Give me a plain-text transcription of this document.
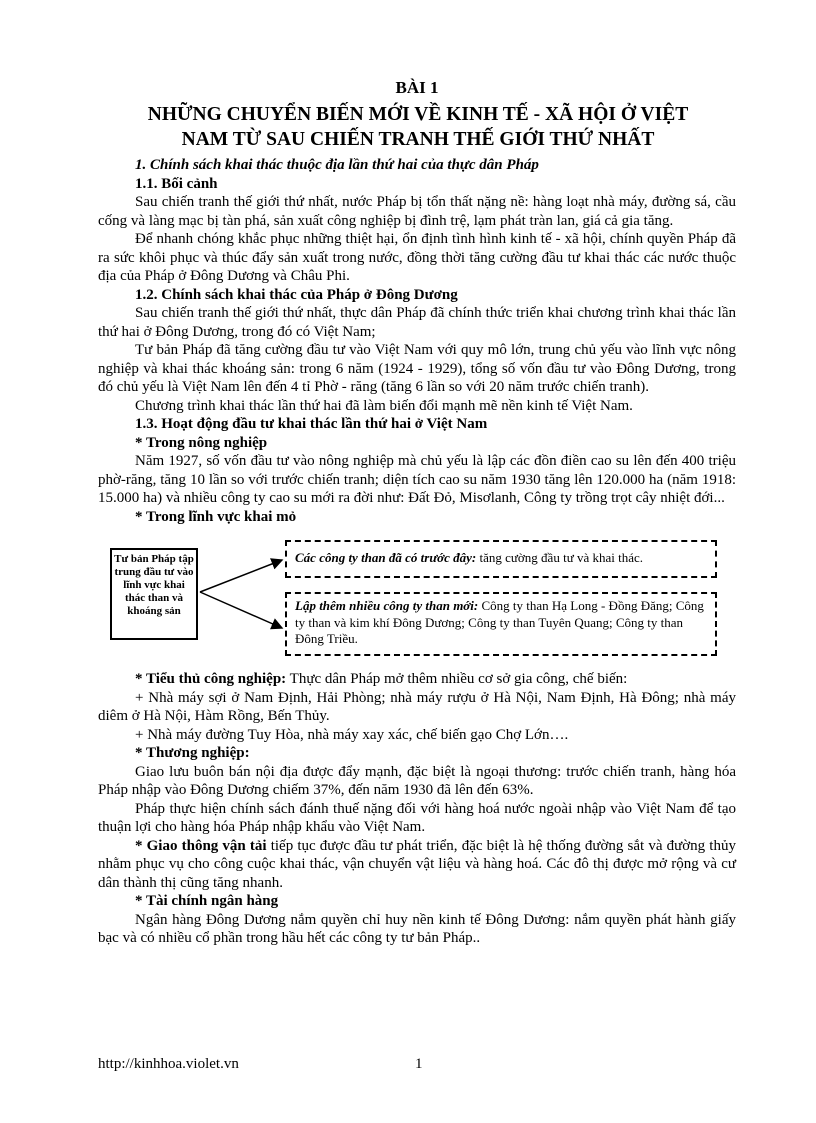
BÀI 1
NHỮNG CHUYỂN BIẾN MỚI VỀ KINH TẾ - XÃ HỘI Ở VIỆT
NAM TỪ SAU CHIẾN TRANH THẾ GIỚI THỨ NHẤT
1. Chính sách khai thác thuộc địa lần thứ hai của thực dân Pháp
1.1. Bối cảnh

Sau chiến tranh thế giới thứ nhất, nước Pháp bị tổn thất nặng nề: hàng loạt nhà máy, đường sá, cầu cống và làng mạc bị tàn phá, sản xuất công nghiệp bị đình trệ, lạm phát tràn lan, giá cả gia tăng.

Để nhanh chóng khắc phục những thiệt hại, ổn định tình hình kinh tế - xã hội, chính quyền Pháp đã ra sức khôi phục và thúc đẩy sản xuất trong nước, đồng thời tăng cường đầu tư khai thác các nước thuộc địa của Pháp ở Đông Dương và Châu Phi.

1.2. Chính sách khai thác của Pháp ở Đông Dương

Sau chiến tranh thế giới thứ nhất, thực dân Pháp đã chính thức triển khai chương trình khai thác lần thứ hai ở Đông Dương, trong đó có Việt Nam;

Tư bản Pháp đã tăng cường đầu tư vào Việt Nam với quy mô lớn, trung chủ yếu vào lĩnh vực nông nghiệp và khai thác khoáng sản: trong 6 năm (1924 - 1929), tổng số vốn đầu tư vào Đông Dương, trong đó chủ yếu là Việt Nam lên đến 4 tỉ Phờ - răng (tăng 6 lần so với 20 năm trước chiến tranh).

Chương trình khai thác lần thứ hai đã làm biến đổi mạnh mẽ nền kinh tế Việt Nam.

1.3. Hoạt động đầu tư khai thác lần thứ hai ở Việt Nam
* Trong nông nghiệp

Năm 1927, số vốn đầu tư vào nông nghiệp mà chủ yếu là lập các đồn điền cao su lên đến 400 triệu phờ-răng, tăng 10 lần so với trước chiến tranh; diện tích cao su năm 1930 tăng lên 120.000 ha (năm 1918: 15.000 ha) và nhiều công ty cao su mới ra đời như: Đất Đỏ, Misơlanh, Công ty trồng trọt cây nhiệt đới...

* Trong lĩnh vực khai mỏ
Tư bản Pháp tập trung đầu tư vào lĩnh vực khai thác than và khoáng sản
Các công ty than đã có trước đây: tăng cường đầu tư và khai thác.
Lập thêm nhiều công ty than mới: Công ty than Hạ Long - Đồng Đăng; Công ty than và kim khí Đông Dương; Công ty than Tuyên Quang; Công ty than Đông Triều.

* Tiểu thủ công nghiệp: Thực dân Pháp mở thêm nhiều cơ sở gia công, chế biến:

+ Nhà máy sợi ở Nam Định, Hải Phòng; nhà máy rượu ở Hà Nội, Nam Định, Hà Đông; nhà máy diêm ở Hà Nội, Hàm Rồng, Bến Thủy.

+ Nhà máy đường Tuy Hòa, nhà máy xay xác, chế biến gạo Chợ Lớn….

* Thương nghiệp:

Giao lưu buôn bán nội địa được đẩy mạnh, đặc biệt là ngoại thương: trước chiến tranh, hàng hóa Pháp nhập vào Đông Dương chiếm 37%, đến năm 1930 đã lên đến 63%.

Pháp thực hiện chính sách đánh thuế nặng đối với hàng hoá nước ngoài nhập vào Việt Nam để tạo thuận lợi cho hàng hóa Pháp nhập khẩu vào Việt Nam.

* Giao thông vận tải tiếp tục được đầu tư phát triển, đặc biệt là hệ thống đường sắt và đường thủy nhằm phục vụ cho công cuộc khai thác, vận chuyển vật liệu và hàng hoá. Các đô thị được mở rộng và cư dân thành thị cũng tăng nhanh.

* Tài chính ngân hàng

Ngân hàng Đông Dương nắm quyền chỉ huy nền kinh tế Đông Dương: nắm quyền phát hành giấy bạc và có nhiều cổ phần trong hầu hết các công ty tư bản Pháp..

http://kinhhoa.violet.vn	1
